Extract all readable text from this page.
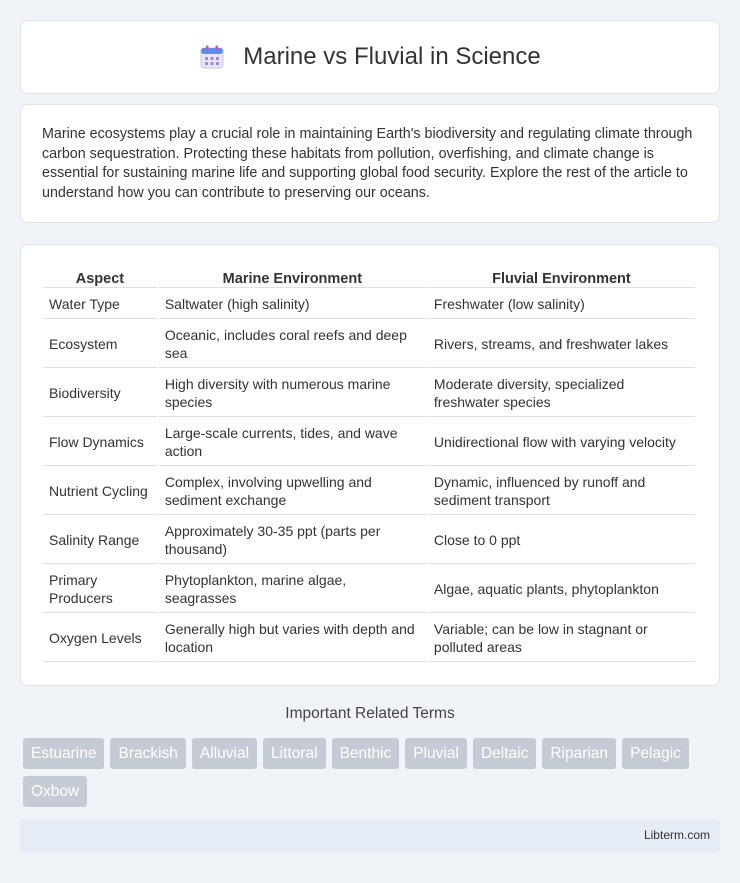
Marine vs Fluvial in Science

Marine ecosystems play a crucial role in maintaining Earth's biodiversity and regulating climate through carbon sequestration. Protecting these habitats from pollution, overfishing, and climate change is essential for sustaining marine life and supporting global food security. Explore the rest of the article to understand how you can contribute to preserving our oceans.

Aspect	Marine Environment	Fluvial Environment
Water Type	Saltwater (high salinity)	Freshwater (low salinity)
Ecosystem	Oceanic, includes coral reefs and deep sea	Rivers, streams, and freshwater lakes
Biodiversity	High diversity with numerous marine species	Moderate diversity, specialized freshwater species
Flow Dynamics	Large-scale currents, tides, and wave action	Unidirectional flow with varying velocity
Nutrient Cycling	Complex, involving upwelling and sediment exchange	Dynamic, influenced by runoff and sediment transport
Salinity Range	Approximately 30-35 ppt (parts per thousand)	Close to 0 ppt
Primary Producers	Phytoplankton, marine algae, seagrasses	Algae, aquatic plants, phytoplankton
Oxygen Levels	Generally high but varies with depth and location	Variable; can be low in stagnant or polluted areas
Important Related Terms
Estuarine	Brackish	Alluvial	Littoral	Benthic	Pluvial	Deltaic	Riparian	Pelagic
Oxbow
Libterm.com
